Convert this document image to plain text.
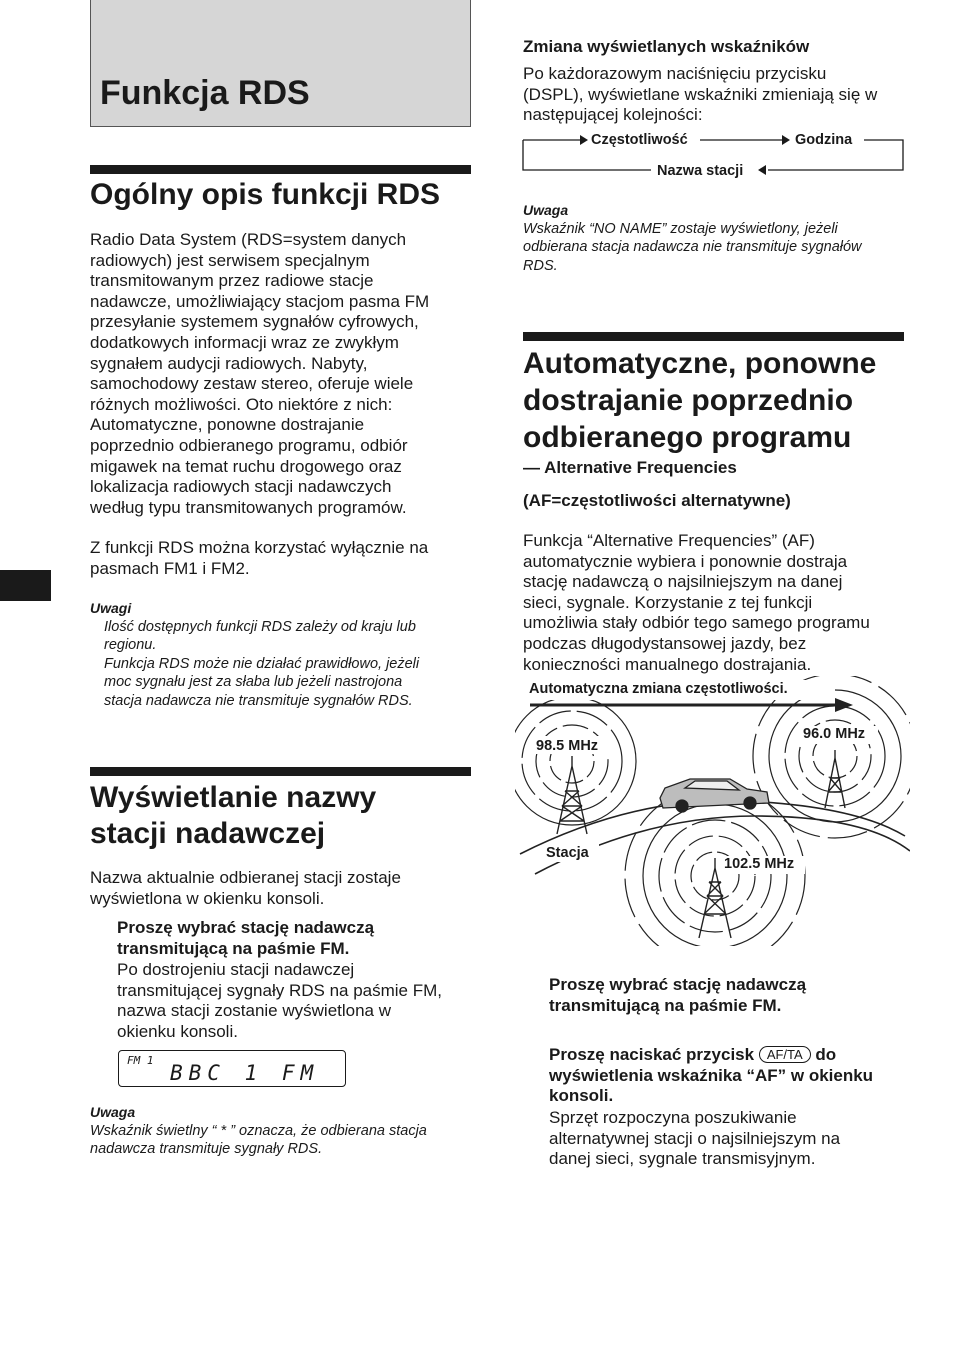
Funkcja RDS
Ogólny opis funkcji RDS
Radio Data System (RDS=system danych
radiowych) jest serwisem specjalnym
transmitowanym przez radiowe stacje
nadawcze, umożliwiający stacjom pasma FM
przesyłanie systemem sygnałów cyfrowych,
dodatkowych informacji wraz ze zwykłym
sygnałem audycji radiowych. Nabyty,
samochodowy zestaw stereo, oferuje wiele
różnych możliwości. Oto niektóre z nich:
Automatyczne, ponowne dostrajanie
poprzednio odbieranego programu, odbiór
migawek na temat ruchu drogowego oraz
lokalizacja radiowych stacji nadawczych
według typu transmitowanych programów.
Z funkcji RDS można korzystać wyłącznie na
pasmach FM1 i FM2.
Uwagi
Ilość dostępnych funkcji RDS zależy od kraju lub
regionu.
Funkcja RDS może nie działać prawidłowo, jeżeli
moc sygnału jest za słaba lub jeżeli nastrojona
stacja nadawcza nie transmituje sygnałów RDS.
Wyświetlanie nazwy
stacji nadawczej
Nazwa aktualnie odbieranej stacji zostaje
wyświetlona w okienku konsoli.
Proszę wybrać stację nadawczą
transmitującą na paśmie FM.
Po dostrojeniu stacji nadawczej
transmitującej sygnały RDS na paśmie FM,
nazwa stacji zostanie wyświetlona w
okienku konsoli.
FM 1
BBC 1 FM
Uwaga
Wskaźnik świetlny “ * ” oznacza, że odbierana stacja
nadawcza transmituje sygnały RDS.
Zmiana wyświetlanych wskaźników
Po każdorazowym naciśnięciu przycisku
(DSPL), wyświetlane wskaźniki zmieniają się w
następującej kolejności:
Częstotliwość	Godzina
Nazwa stacji
Uwaga
Wskaźnik “NO NAME” zostaje wyświetlony, jeżeli
odbierana stacja nadawcza nie transmituje sygnałów
RDS.
Automatyczne, ponowne
dostrajanie poprzednio
odbieranego programu
— Alternative Frequencies
(AF=częstotliwości alternatywne)
Funkcja “Alternative Frequencies” (AF)
automatycznie wybiera i ponownie dostraja
stację nadawczą o najsilniejszym na danej
sieci, sygnale. Korzystanie z tej funkcji
umożliwia stały odbiór tego samego programu
podczas długodystansowej jazdy, bez
konieczności manualnego dostrajania.
Automatyczna zmiana częstotliwości.
98.5 MHz
96.0 MHz
102.5 MHz
Stacja
Proszę wybrać stację nadawczą
transmitującą na paśmie FM.
Proszę naciskać przycisk AF/TA do
wyświetlenia wskaźnika “AF” w okienku
konsoli.
Sprzęt rozpoczyna poszukiwanie
alternatywnej stacji o najsilniejszym na
danej sieci, sygnale transmisyjnym.
